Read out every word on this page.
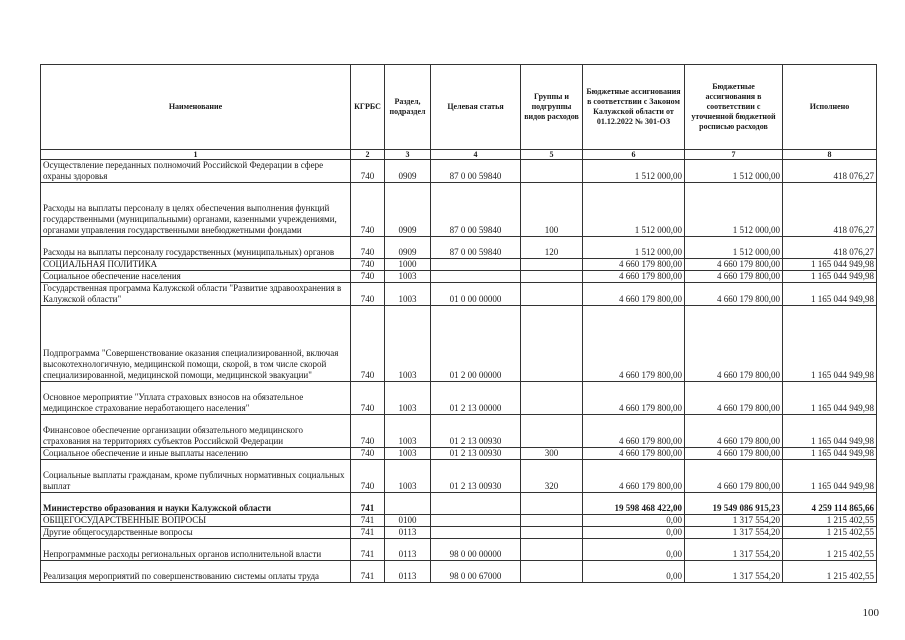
Наименование	КГРБС	Раздел, подраздел	Целевая статья	Группы и подгруппы видов расходов	Бюджетные ассигнования в соответствии с Законом Калужской области от 01.12.2022 № 301-ОЗ	Бюджетные ассигнования в соответствии с уточненной бюджетной росписью расходов	Исполнено
1	2	3	4	5	6	7	8
Осуществление переданных полномочий Российской Федерации в сфере охраны здоровья	740	0909	87 0 00 59840		1 512 000,00	1 512 000,00	418 076,27
Расходы на выплаты персоналу в целях обеспечения выполнения функций государственными (муниципальными) органами, казенными учреждениями, органами управления государственными внебюджетными фондами	740	0909	87 0 00 59840	100	1 512 000,00	1 512 000,00	418 076,27
Расходы на выплаты персоналу государственных (муниципальных) органов	740	0909	87 0 00 59840	120	1 512 000,00	1 512 000,00	418 076,27
СОЦИАЛЬНАЯ ПОЛИТИКА	740	1000			4 660 179 800,00	4 660 179 800,00	1 165 044 949,98
Социальное обеспечение населения	740	1003			4 660 179 800,00	4 660 179 800,00	1 165 044 949,98
Государственная программа Калужской области "Развитие здравоохранения в Калужской области"	740	1003	01 0 00 00000		4 660 179 800,00	4 660 179 800,00	1 165 044 949,98
Подпрограмма "Совершенствование оказания специализированной, включая высокотехнологичную, медицинской помощи, скорой, в том числе скорой специализированной, медицинской помощи, медицинской эвакуации"	740	1003	01 2 00 00000		4 660 179 800,00	4 660 179 800,00	1 165 044 949,98
Основное мероприятие "Уплата страховых взносов на обязательное медицинское страхование неработающего населения"	740	1003	01 2 13 00000		4 660 179 800,00	4 660 179 800,00	1 165 044 949,98
Финансовое обеспечение организации обязательного медицинского страхования на территориях субъектов Российской Федерации	740	1003	01 2 13 00930		4 660 179 800,00	4 660 179 800,00	1 165 044 949,98
Социальное обеспечение и иные выплаты населению	740	1003	01 2 13 00930	300	4 660 179 800,00	4 660 179 800,00	1 165 044 949,98
Социальные выплаты гражданам, кроме публичных нормативных социальных выплат	740	1003	01 2 13 00930	320	4 660 179 800,00	4 660 179 800,00	1 165 044 949,98
Министерство образования и науки Калужской области	741				19 598 468 422,00	19 549 086 915,23	4 259 114 865,66
ОБЩЕГОСУДАРСТВЕННЫЕ ВОПРОСЫ	741	0100			0,00	1 317 554,20	1 215 402,55
Другие общегосударственные вопросы	741	0113			0,00	1 317 554,20	1 215 402,55
Непрограммные расходы региональных органов исполнительной власти	741	0113	98 0 00 00000		0,00	1 317 554,20	1 215 402,55
Реализация мероприятий по совершенствованию системы оплаты труда	741	0113	98 0 00 67000		0,00	1 317 554,20	1 215 402,55
100
